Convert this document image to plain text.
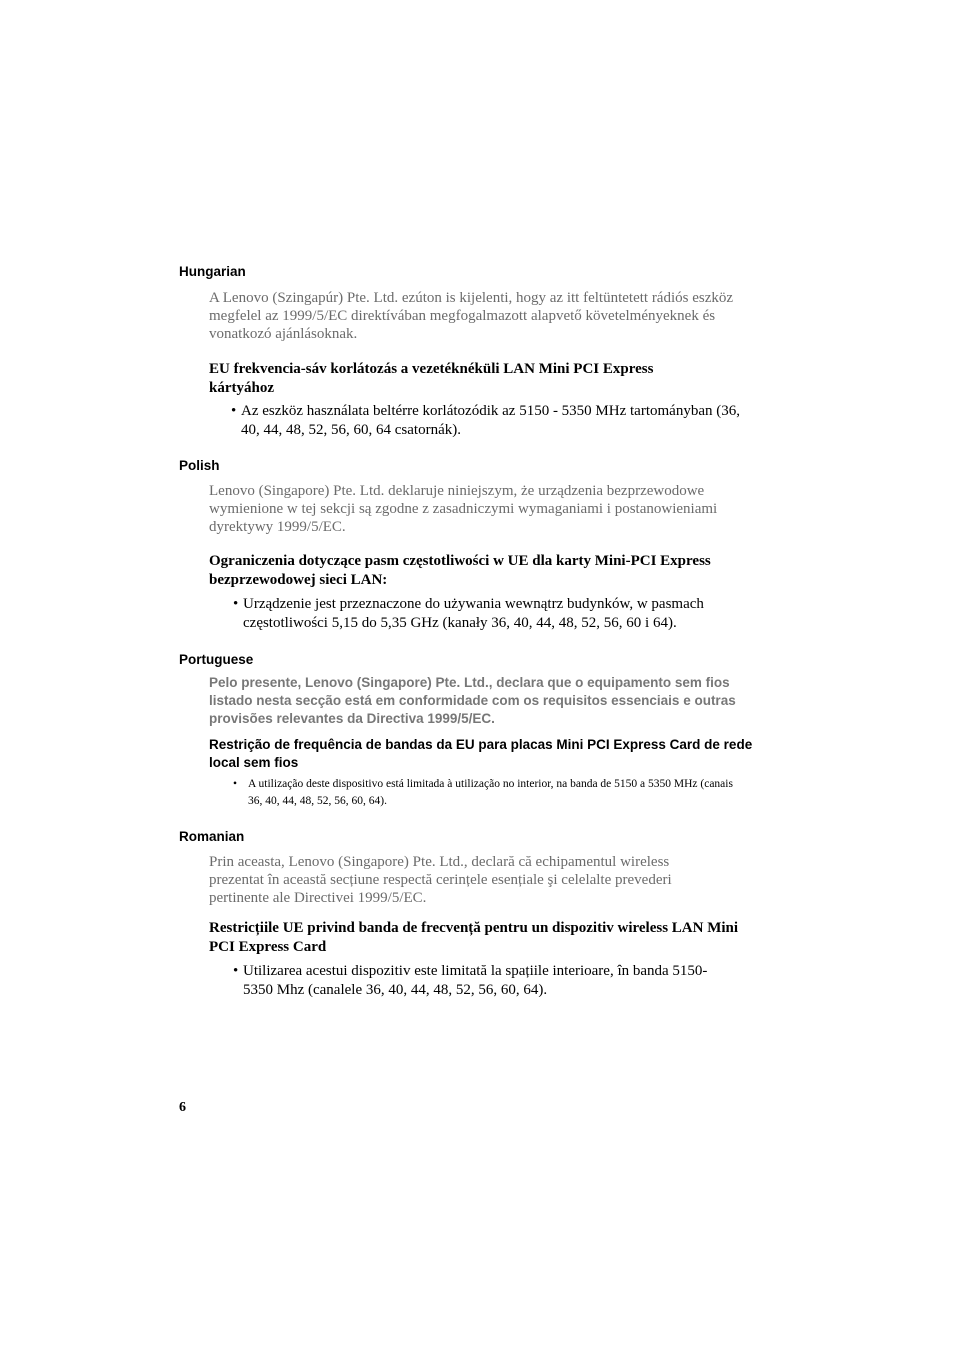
Hungarian

A Lenovo (Szingapúr) Pte. Ltd. ezúton is kijelenti, hogy az itt feltüntetett rádiós eszköz megfelel az 1999/5/EC direktívában megfogalmazott alapvető követelményeknek és vonatkozó ajánlásoknak.

EU frekvencia-sáv korlátozás a vezetéknéküli LAN Mini PCI Express kártyához

• Az eszköz használata beltérre korlátozódik az 5150 - 5350 MHz tartományban (36, 40, 44, 48, 52, 56, 60, 64 csatornák).
Polish

Lenovo (Singapore) Pte. Ltd. deklaruje niniejszym, że urządzenia bezprzewodowe wymienione w tej sekcji są zgodne z zasadniczymi wymaganiami i postanowieniami dyrektywy 1999/5/EC.

Ograniczenia dotyczące pasm częstotliwości w UE dla karty Mini-PCI Express bezprzewodowej sieci LAN:

• Urządzenie jest przeznaczone do używania wewnątrz budynków, w pasmach częstotliwości 5,15 do 5,35 GHz (kanały 36, 40, 44, 48, 52, 56, 60 i 64).
Portuguese

Pelo presente, Lenovo (Singapore) Pte. Ltd., declara que o equipamento sem fios listado nesta secção está em conformidade com os requisitos essenciais e outras provisões relevantes da Directiva 1999/5/EC.

Restrição de frequência de bandas da EU para placas Mini PCI Express Card de rede local sem fios

• A utilização deste dispositivo está limitada à utilização no interior, na banda de 5150 a 5350 MHz (canais 36, 40, 44, 48, 52, 56, 60, 64).
Romanian

Prin aceasta, Lenovo (Singapore) Pte. Ltd., declară că echipamentul wireless prezentat în această secțiune respectă cerințele esențiale şi celelalte prevederi pertinente ale Directivei 1999/5/EC.

Restricțiile UE privind banda de frecvență pentru un dispozitiv wireless LAN Mini PCI Express Card

• Utilizarea acestui dispozitiv este limitată la spațiile interioare, în banda 5150-5350 Mhz (canalele 36, 40, 44, 48, 52, 56, 60, 64).

6
